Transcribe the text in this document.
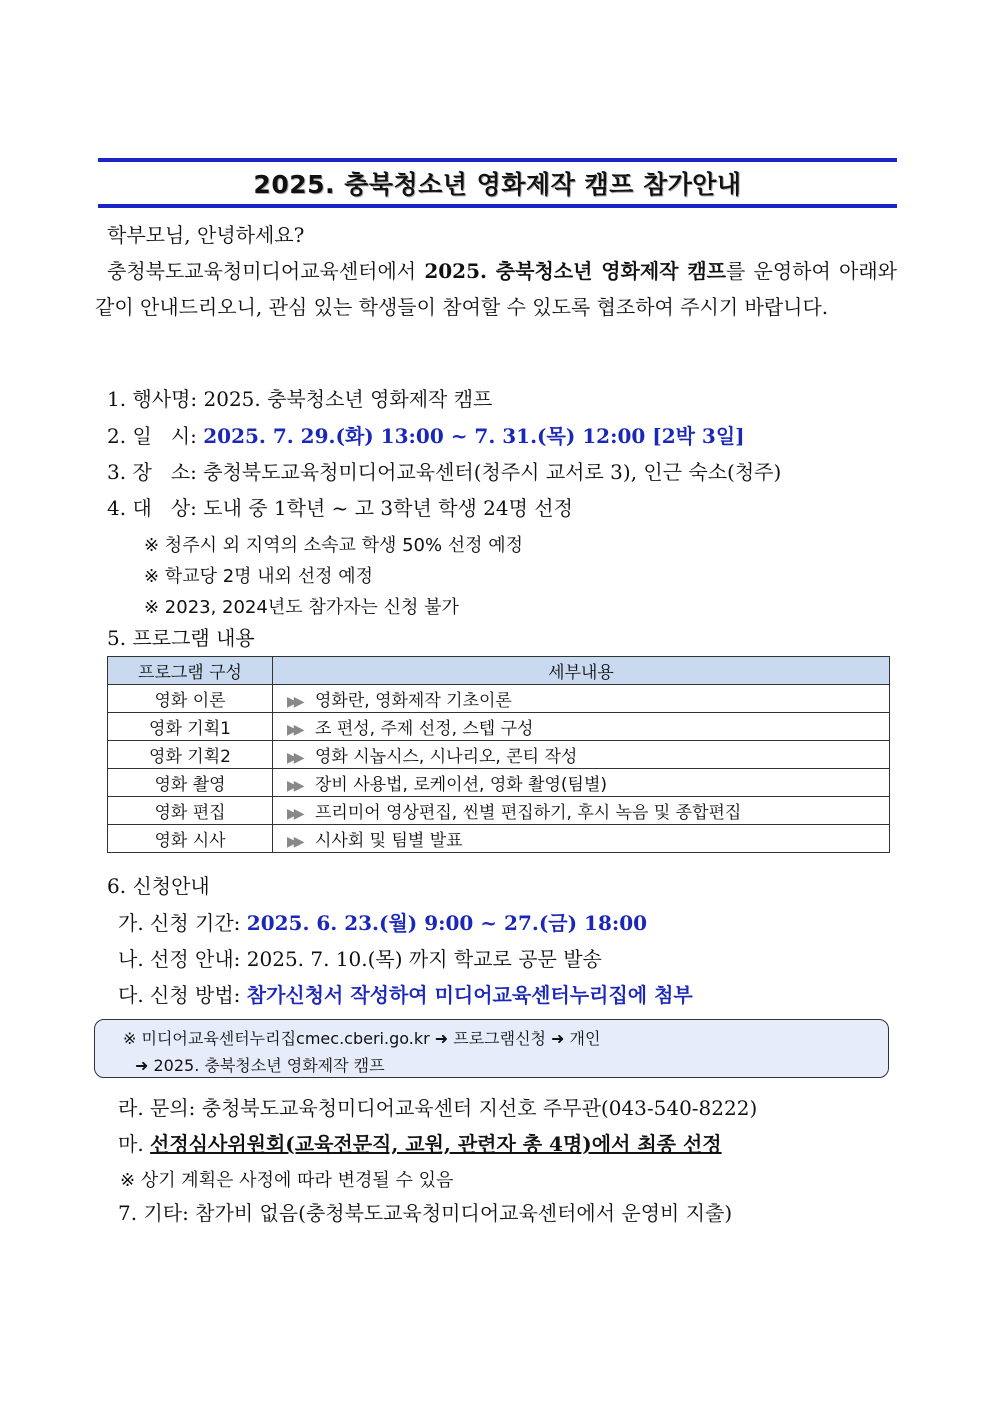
2025. 충북청소년 영화제작 캠프 참가안내
학부모님, 안녕하세요?
충청북도교육청미디어교육센터에서 2025. 충북청소년 영화제작 캠프를 운영하여 아래와 같이 안내드리오니, 관심 있는 학생들이 참여할 수 있도록 협조하여 주시기 바랍니다.
1. 행사명: 2025. 충북청소년 영화제작 캠프
2. 일   시: 2025. 7. 29.(화) 13:00 ~ 7. 31.(목) 12:00 [2박 3일]
3. 장   소: 충청북도교육청미디어교육센터(청주시 교서로 3), 인근 숙소(청주)
4. 대   상: 도내 중 1학년 ~ 고 3학년 학생 24명 선정
※ 청주시 외 지역의 소속교 학생 50% 선정 예정
※ 학교당 2명 내외 선정 예정
※ 2023, 2024년도 참가자는 신청 불가
5. 프로그램 내용
프로그램 구성	세부내용
영화 이론	▶▶ 영화란, 영화제작 기초이론
영화 기획1	▶▶ 조 편성, 주제 선정, 스텝 구성
영화 기획2	▶▶ 영화 시놉시스, 시나리오, 콘티 작성
영화 촬영	▶▶ 장비 사용법, 로케이션, 영화 촬영(팀별)
영화 편집	▶▶ 프리미어 영상편집, 씬별 편집하기, 후시 녹음 및 종합편집
영화 시사	▶▶ 시사회 및 팀별 발표
6. 신청안내
가. 신청 기간: 2025. 6. 23.(월) 9:00 ~ 27.(금) 18:00
나. 선정 안내: 2025. 7. 10.(목) 까지 학교로 공문 발송
다. 신청 방법: 참가신청서 작성하여 미디어교육센터누리집에 첨부
※ 미디어교육센터누리집cmec.cberi.go.kr ➜ 프로그램신청 ➜ 개인
➜ 2025. 충북청소년 영화제작 캠프
라. 문의: 충청북도교육청미디어교육센터 지선호 주무관(043-540-8222)
마. 선정심사위원회(교육전문직, 교원, 관련자 총 4명)에서 최종 선정
※ 상기 계획은 사정에 따라 변경될 수 있음
7. 기타: 참가비 없음(충청북도교육청미디어교육센터에서 운영비 지출)
